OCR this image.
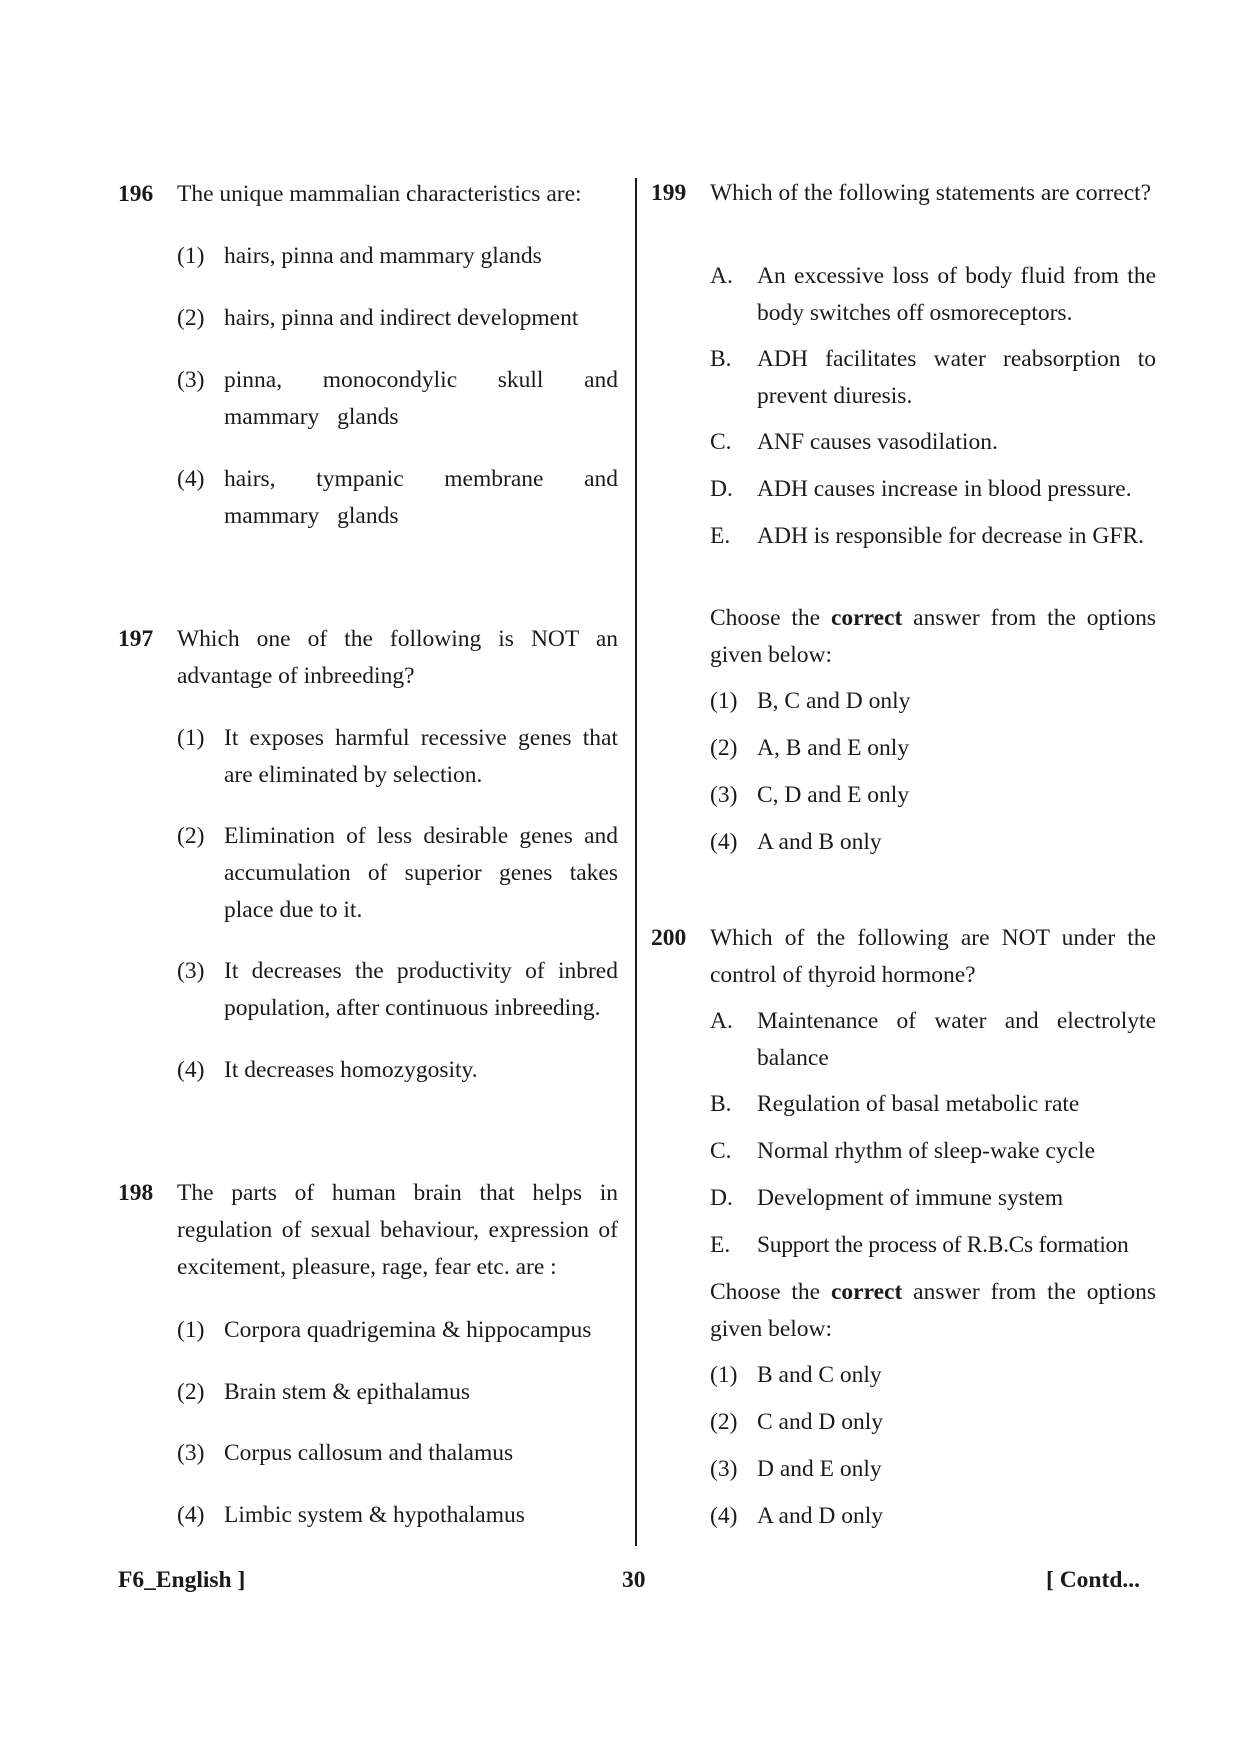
196 The unique mammalian characteristics are:
(1) hairs, pinna and mammary glands
(2) hairs, pinna and indirect development
(3) pinna, monocondylic skull and mammary glands
(4) hairs, tympanic membrane and mammary glands
197 Which one of the following is NOT an advantage of inbreeding?
(1) It exposes harmful recessive genes that are eliminated by selection.
(2) Elimination of less desirable genes and accumulation of superior genes takes place due to it.
(3) It decreases the productivity of inbred population, after continuous inbreeding.
(4) It decreases homozygosity.
198 The parts of human brain that helps in regulation of sexual behaviour, expression of excitement, pleasure, rage, fear etc. are :
(1) Corpora quadrigemina & hippocampus
(2) Brain stem & epithalamus
(3) Corpus callosum and thalamus
(4) Limbic system & hypothalamus
199 Which of the following statements are correct?
A. An excessive loss of body fluid from the body switches off osmoreceptors.
B. ADH facilitates water reabsorption to prevent diuresis.
C. ANF causes vasodilation.
D. ADH causes increase in blood pressure.
E. ADH is responsible for decrease in GFR.
Choose the correct answer from the options given below:
(1) B, C and D only
(2) A, B and E only
(3) C, D and E only
(4) A and B only
200 Which of the following are NOT under the control of thyroid hormone?
A. Maintenance of water and electrolyte balance
B. Regulation of basal metabolic rate
C. Normal rhythm of sleep-wake cycle
D. Development of immune system
E. Support the process of R.B.Cs formation
Choose the correct answer from the options given below:
(1) B and C only
(2) C and D only
(3) D and E only
(4) A and D only
F6_English ]	30	[ Contd...
